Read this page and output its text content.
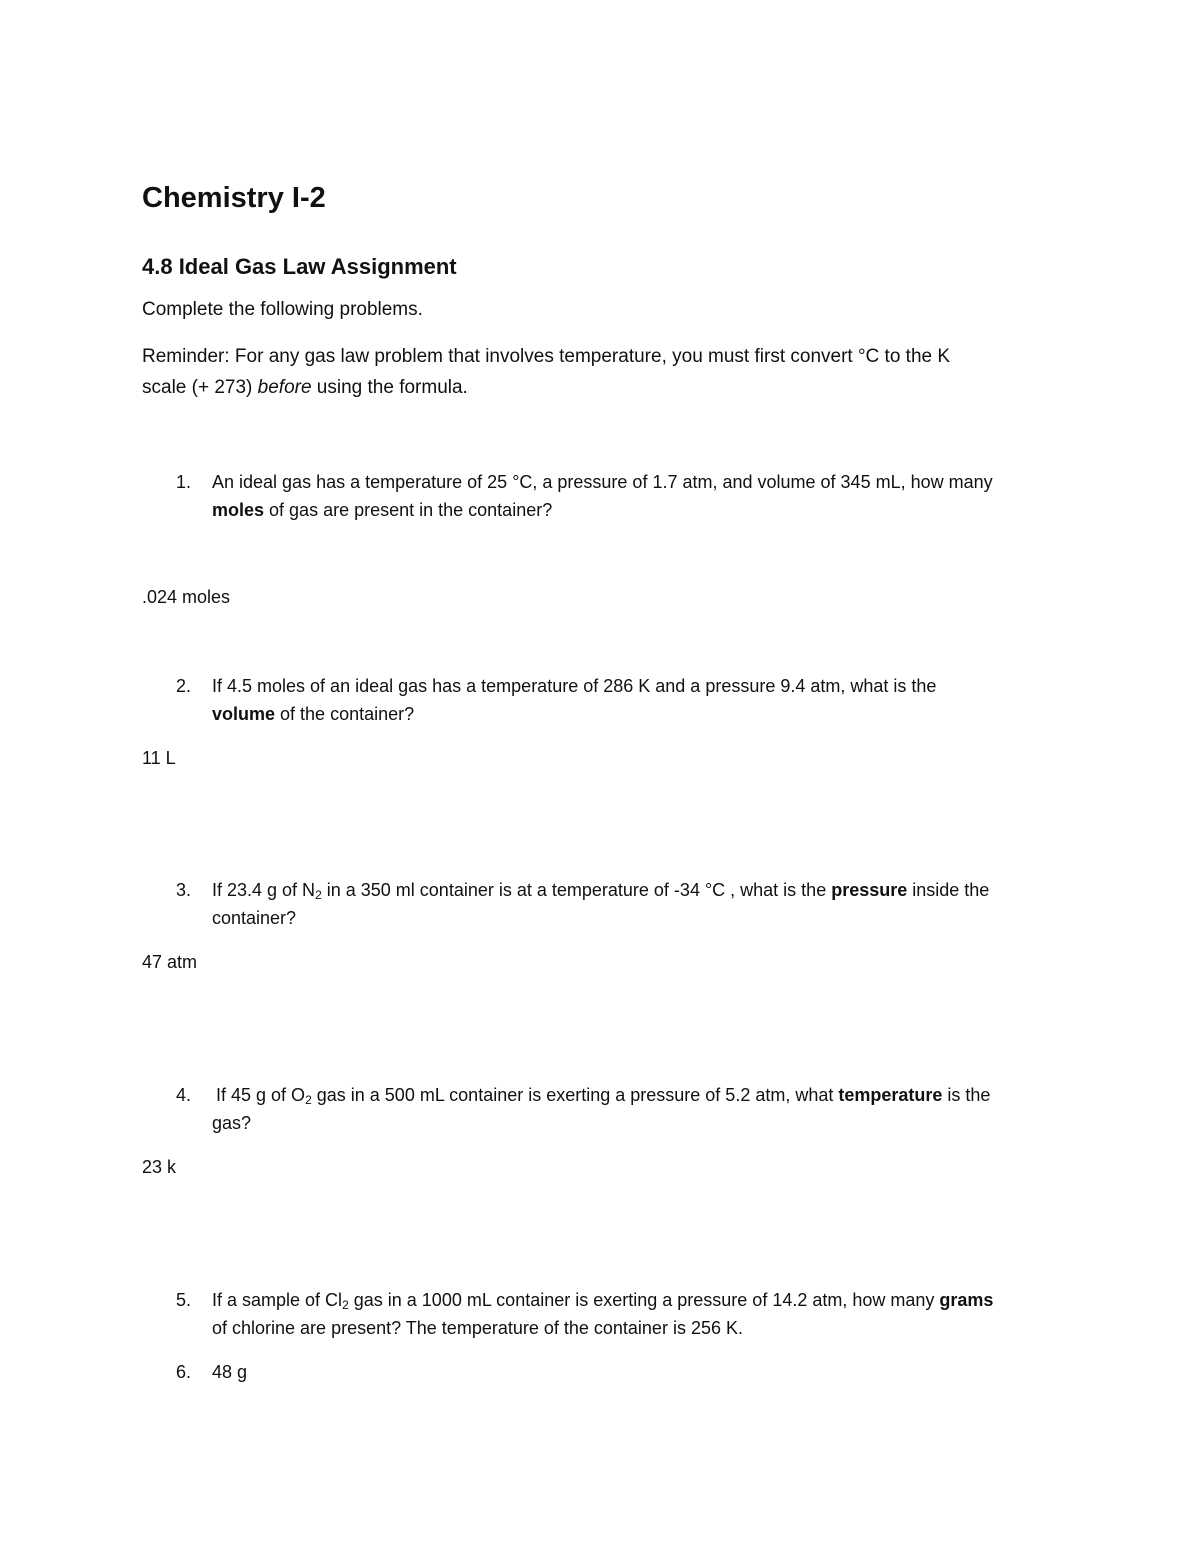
Chemistry I-2
4.8 Ideal Gas Law Assignment
Complete the following problems.
Reminder: For any gas law problem that involves temperature, you must first convert °C to the K
scale (+ 273) before using the formula.
1. An ideal gas has a temperature of 25 °C, a pressure of 1.7 atm, and volume of 345 mL, how many
moles of gas are present in the container?
.024 moles
2. If 4.5 moles of an ideal gas has a temperature of 286 K and a pressure 9.4 atm, what is the
volume of the container?
11 L
3. If 23.4 g of $N_2$ in a 350 ml container is at a temperature of -34 °C , what is the pressure inside the
container?
47 atm
4. If 45 g of $O_2$ gas in a 500 mL container is exerting a pressure of 5.2 atm, what temperature is the
gas?
23 k
5. If a sample of $Cl_2$ gas in a 1000 mL container is exerting a pressure of 14.2 atm, how many grams
of chlorine are present? The temperature of the container is 256 K.
6. 48 g
